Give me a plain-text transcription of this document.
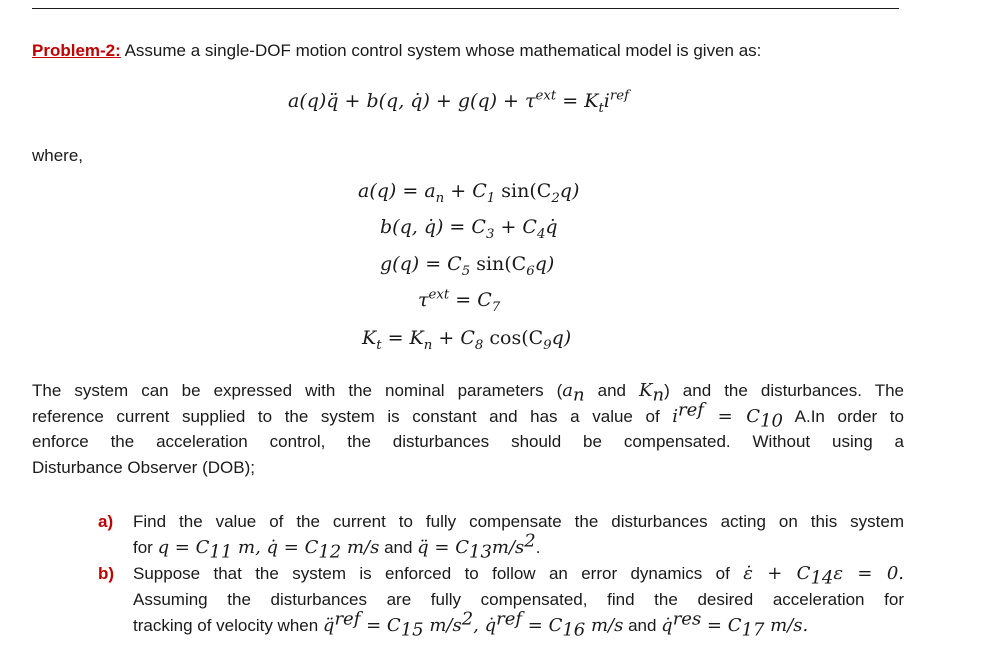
Problem-2: Assume a single-DOF motion control system whose mathematical model is given as:
a(q)q̈ + b(q, q̇) + $g(q) + \tau^{ext} = K_ti^{ref}$
where,
$a(q) = a_n + C_1$ $\sin(C_2q)$
b(q, q̇) = $C_3$ + $C_4q̇$
$g(q) = C_5$ $\sin(C_6q)$
$\tau^{ext} = C_7$
$K_t = K_n + C_8$ $\cos(C_9q)$
The system can be expressed with the nominal parameters ($a_n$ and $K_n$) and the disturbances. The
reference current supplied to the system is constant and has a value of $i^{ref} = C_{10}$ A.In order to
enforce the acceleration control, the disturbances should be compensated. Without using a
Disturbance Observer (DOB);
a) Find the value of the current to fully compensate the disturbances acting on this system
for $q = C_{11}$ m, q̇ = $C_{12}$ m/s and q̈ = $C_{13}m/s^2$.
b) Suppose that the system is enforced to follow an error dynamics of ε̇ + $C_{14}\varepsilon = 0$.
Assuming the disturbances are fully compensated, find the desired acceleration for
tracking of velocity when q̈$^{ref}$ = $C_{15}$ $m/s^2$, q̇$^{ref}$ = $C_{16}$ m/s and q̇$^{res}$ = $C_{17}$ m/s.
